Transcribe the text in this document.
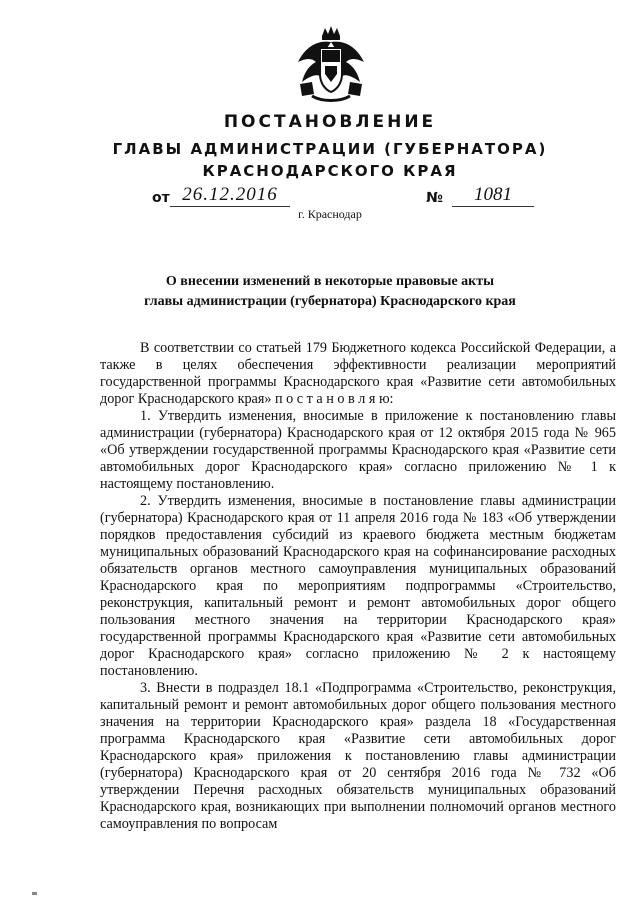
ПОСТАНОВЛЕНИЕ
ГЛАВЫ АДМИНИСТРАЦИИ (ГУБЕРНАТОРА)
КРАСНОДАРСКОГО КРАЯ
от 26.12.2016	№	1081
г. Краснодар
О внесении изменений в некоторые правовые акты
главы администрации (губернатора) Краснодарского края

В соответствии со статьей 179 Бюджетного кодекса Российской Федерации, а также в целях обеспечения эффективности реализации мероприятий государственной программы Краснодарского края «Развитие сети автомобильных дорог Краснодарского края» п о с т а н о в л я ю:

1. Утвердить изменения, вносимые в приложение к постановлению главы администрации (губернатора) Краснодарского края от 12 октября 2015 года № 965 «Об утверждении государственной программы Краснодарского края «Развитие сети автомобильных дорог Краснодарского края» согласно приложению № 1 к настоящему постановлению.

2. Утвердить изменения, вносимые в постановление главы администрации (губернатора) Краснодарского края от 11 апреля 2016 года № 183 «Об утверждении порядков предоставления субсидий из краевого бюджета местным бюджетам муниципальных образований Краснодарского края на софинансирование расходных обязательств органов местного самоуправления муниципальных образований Краснодарского края по мероприятиям подпрограммы «Строительство, реконструкция, капитальный ремонт и ремонт автомобильных дорог общего пользования местного значения на территории Краснодарского края» государственной программы Краснодарского края «Развитие сети автомобильных дорог Краснодарского края» согласно приложению № 2 к настоящему постановлению.

3. Внести в подраздел 18.1 «Подпрограмма «Строительство, реконструкция, капитальный ремонт и ремонт автомобильных дорог общего пользования местного значения на территории Краснодарского края» раздела 18 «Государственная программа Краснодарского края «Развитие сети автомобильных дорог Краснодарского края» приложения к постановлению главы администрации (губернатора) Краснодарского края от 20 сентября 2016 года № 732 «Об утверждении Перечня расходных обязательств муниципальных образований Краснодарского края, возникающих при выполнении полномочий органов местного самоуправления по вопросам
